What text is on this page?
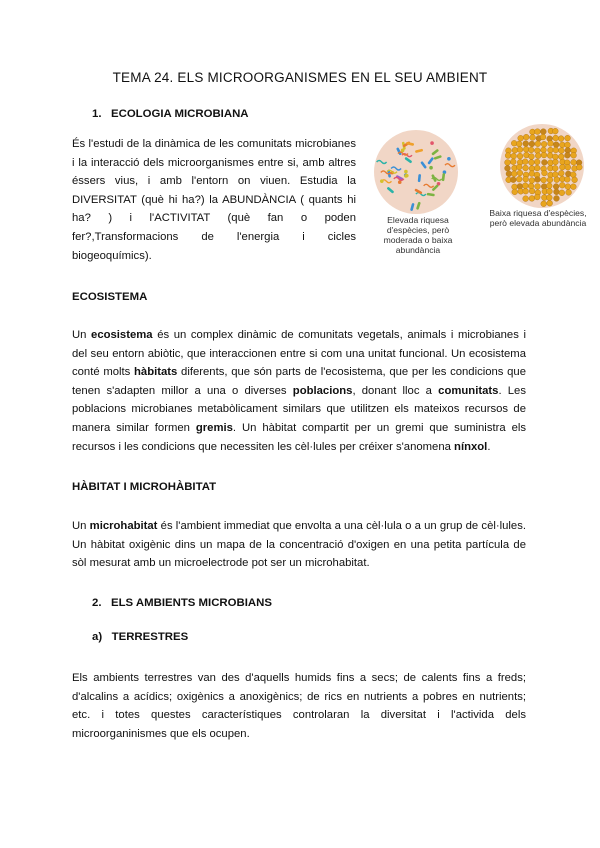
TEMA 24. ELS MICROORGANISMES EN EL SEU AMBIENT
1. ECOLOGIA MICROBIANA
És l'estudi de la dinàmica de les comunitats microbianes i la interacció dels microorganismes entre si, amb altres éssers vius, i amb l'entorn on viuen. Estudia la DIVERSITAT (què hi ha?) la ABUNDÀNCIA ( quants hi ha? ) i l'ACTIVITAT (què fan o poden fer?,Transformacions de l'energia i cicles biogeoquímics).
Elevada riquesa d'espècies, però moderada o baixa abundància
Baixa riquesa d'espècies, però elevada abundància
ECOSISTEMA
Un ecosistema és un complex dinàmic de comunitats vegetals, animals i microbianes i del seu entorn abiòtic, que interaccionen entre si com una unitat funcional. Un ecosistema conté molts hàbitats diferents, que són parts de l'ecosistema, que per les condicions que tenen s'adapten millor a una o diverses poblacions, donant lloc a comunitats. Les poblacions microbianes metabòlicament similars que utilitzen els mateixos recursos de manera similar formen gremis. Un hàbitat compartit per un gremi que suministra els recursos i les condicions que necessiten les cèl·lules per créixer s'anomena nínxol.
HÀBITAT I MICROHÀBITAT
Un microhabitat és l'ambient immediat que envolta a una cèl·lula o a un grup de cèl·lules. Un hàbitat oxigènic dins un mapa de la concentració d'oxigen en una petita partícula de sòl mesurat amb un microelectrode pot ser un microhabitat.
2. ELS AMBIENTS MICROBIANS
a) TERRESTRES
Els ambients terrestres van des d'aquells humids fins a secs; de calents fins a freds; d'alcalins a acídics; oxigènics a anoxigènics; de rics en nutrients a pobres en nutrients; etc. i totes questes característiques controlaran la diversitat i l'activida dels microorganinismes que els ocupen.
